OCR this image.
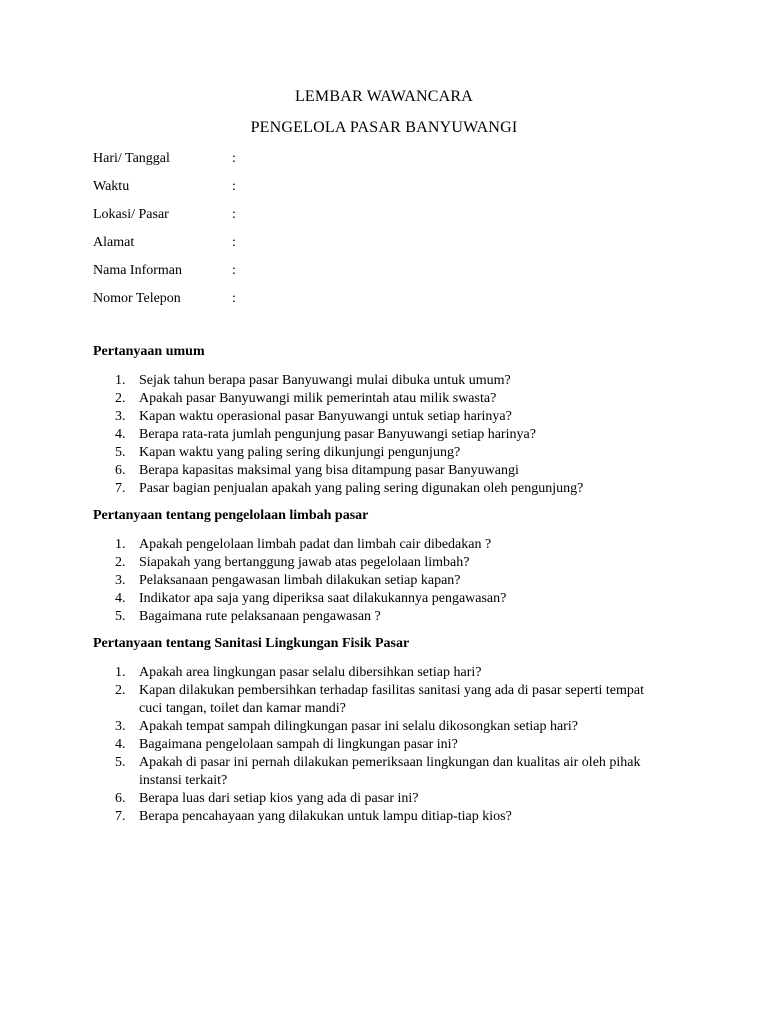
LEMBAR WAWANCARA
PENGELOLA PASAR BANYUWANGI
Hari/ Tanggal	:
Waktu	:
Lokasi/ Pasar	:
Alamat	:
Nama Informan	:
Nomor Telepon	:
Pertanyaan umum
1. Sejak tahun berapa pasar Banyuwangi mulai dibuka untuk umum?
2. Apakah pasar Banyuwangi milik pemerintah atau milik swasta?
3. Kapan waktu operasional pasar Banyuwangi untuk setiap harinya?
4. Berapa rata-rata jumlah pengunjung pasar Banyuwangi setiap harinya?
5. Kapan waktu yang paling sering dikunjungi pengunjung?
6. Berapa kapasitas maksimal yang bisa ditampung pasar Banyuwangi
7. Pasar bagian penjualan apakah yang paling sering digunakan oleh pengunjung?
Pertanyaan tentang pengelolaan limbah pasar
1. Apakah pengelolaan limbah padat dan limbah cair dibedakan ?
2. Siapakah yang bertanggung jawab atas pegelolaan limbah?
3. Pelaksanaan pengawasan limbah dilakukan setiap kapan?
4. Indikator apa saja yang diperiksa saat dilakukannya pengawasan?
5. Bagaimana rute pelaksanaan pengawasan ?
Pertanyaan tentang Sanitasi Lingkungan Fisik Pasar
1. Apakah area lingkungan pasar selalu dibersihkan setiap hari?
2. Kapan dilakukan pembersihkan terhadap fasilitas sanitasi yang ada di pasar seperti tempat cuci tangan, toilet dan kamar mandi?
3. Apakah tempat sampah dilingkungan pasar ini selalu dikosongkan setiap hari?
4. Bagaimana pengelolaan sampah di lingkungan pasar ini?
5. Apakah di pasar ini pernah dilakukan pemeriksaan lingkungan dan kualitas air oleh pihak instansi terkait?
6. Berapa luas dari setiap kios yang ada di pasar ini?
7. Berapa pencahayaan yang dilakukan untuk lampu ditiap-tiap kios?
